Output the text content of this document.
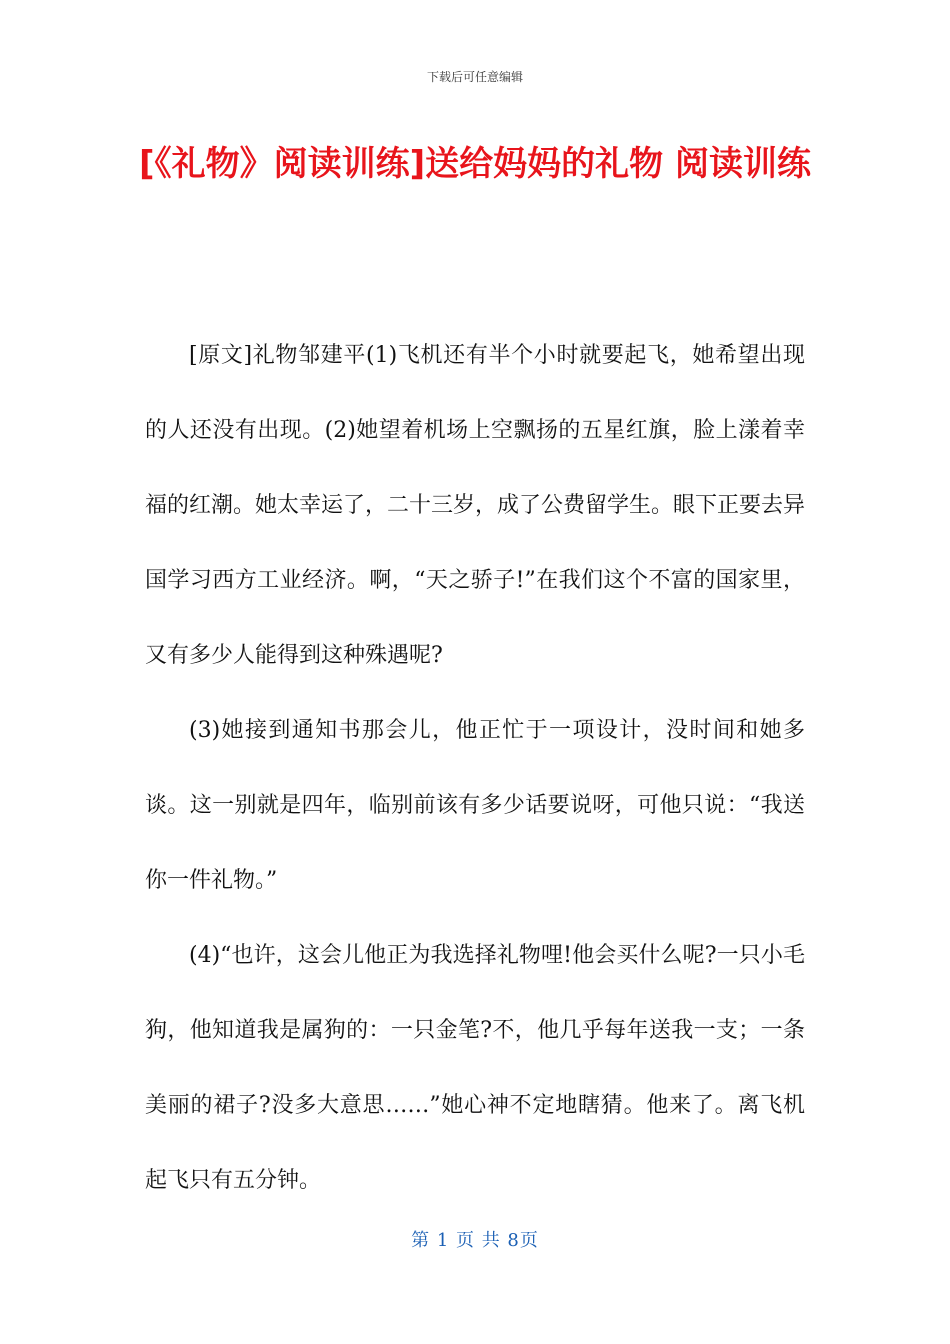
下载后可任意编辑
[《礼物》阅读训练]送给妈妈的礼物 阅读训练

[原文]礼物邹建平(1)飞机还有半个小时就要起飞，她希望出现的人还没有出现。(2)她望着机场上空飘扬的五星红旗，脸上漾着幸福的红潮。她太幸运了，二十三岁，成了公费留学生。眼下正要去异国学习西方工业经济。啊，“天之骄子!”在我们这个不富的国家里，又有多少人能得到这种殊遇呢?

(3)她接到通知书那会儿，他正忙于一项设计，没时间和她多谈。这一别就是四年，临别前该有多少话要说呀，可他只说：“我送你一件礼物。”

(4)“也许，这会儿他正为我选择礼物哩!他会买什么呢?一只小毛狗，他知道我是属狗的：一只金笔?不，他几乎每年送我一支；一条美丽的裙子?没多大意思……”她心神不定地瞎猜。他来了。离飞机起飞只有五分钟。

第 1 页 共 8页
